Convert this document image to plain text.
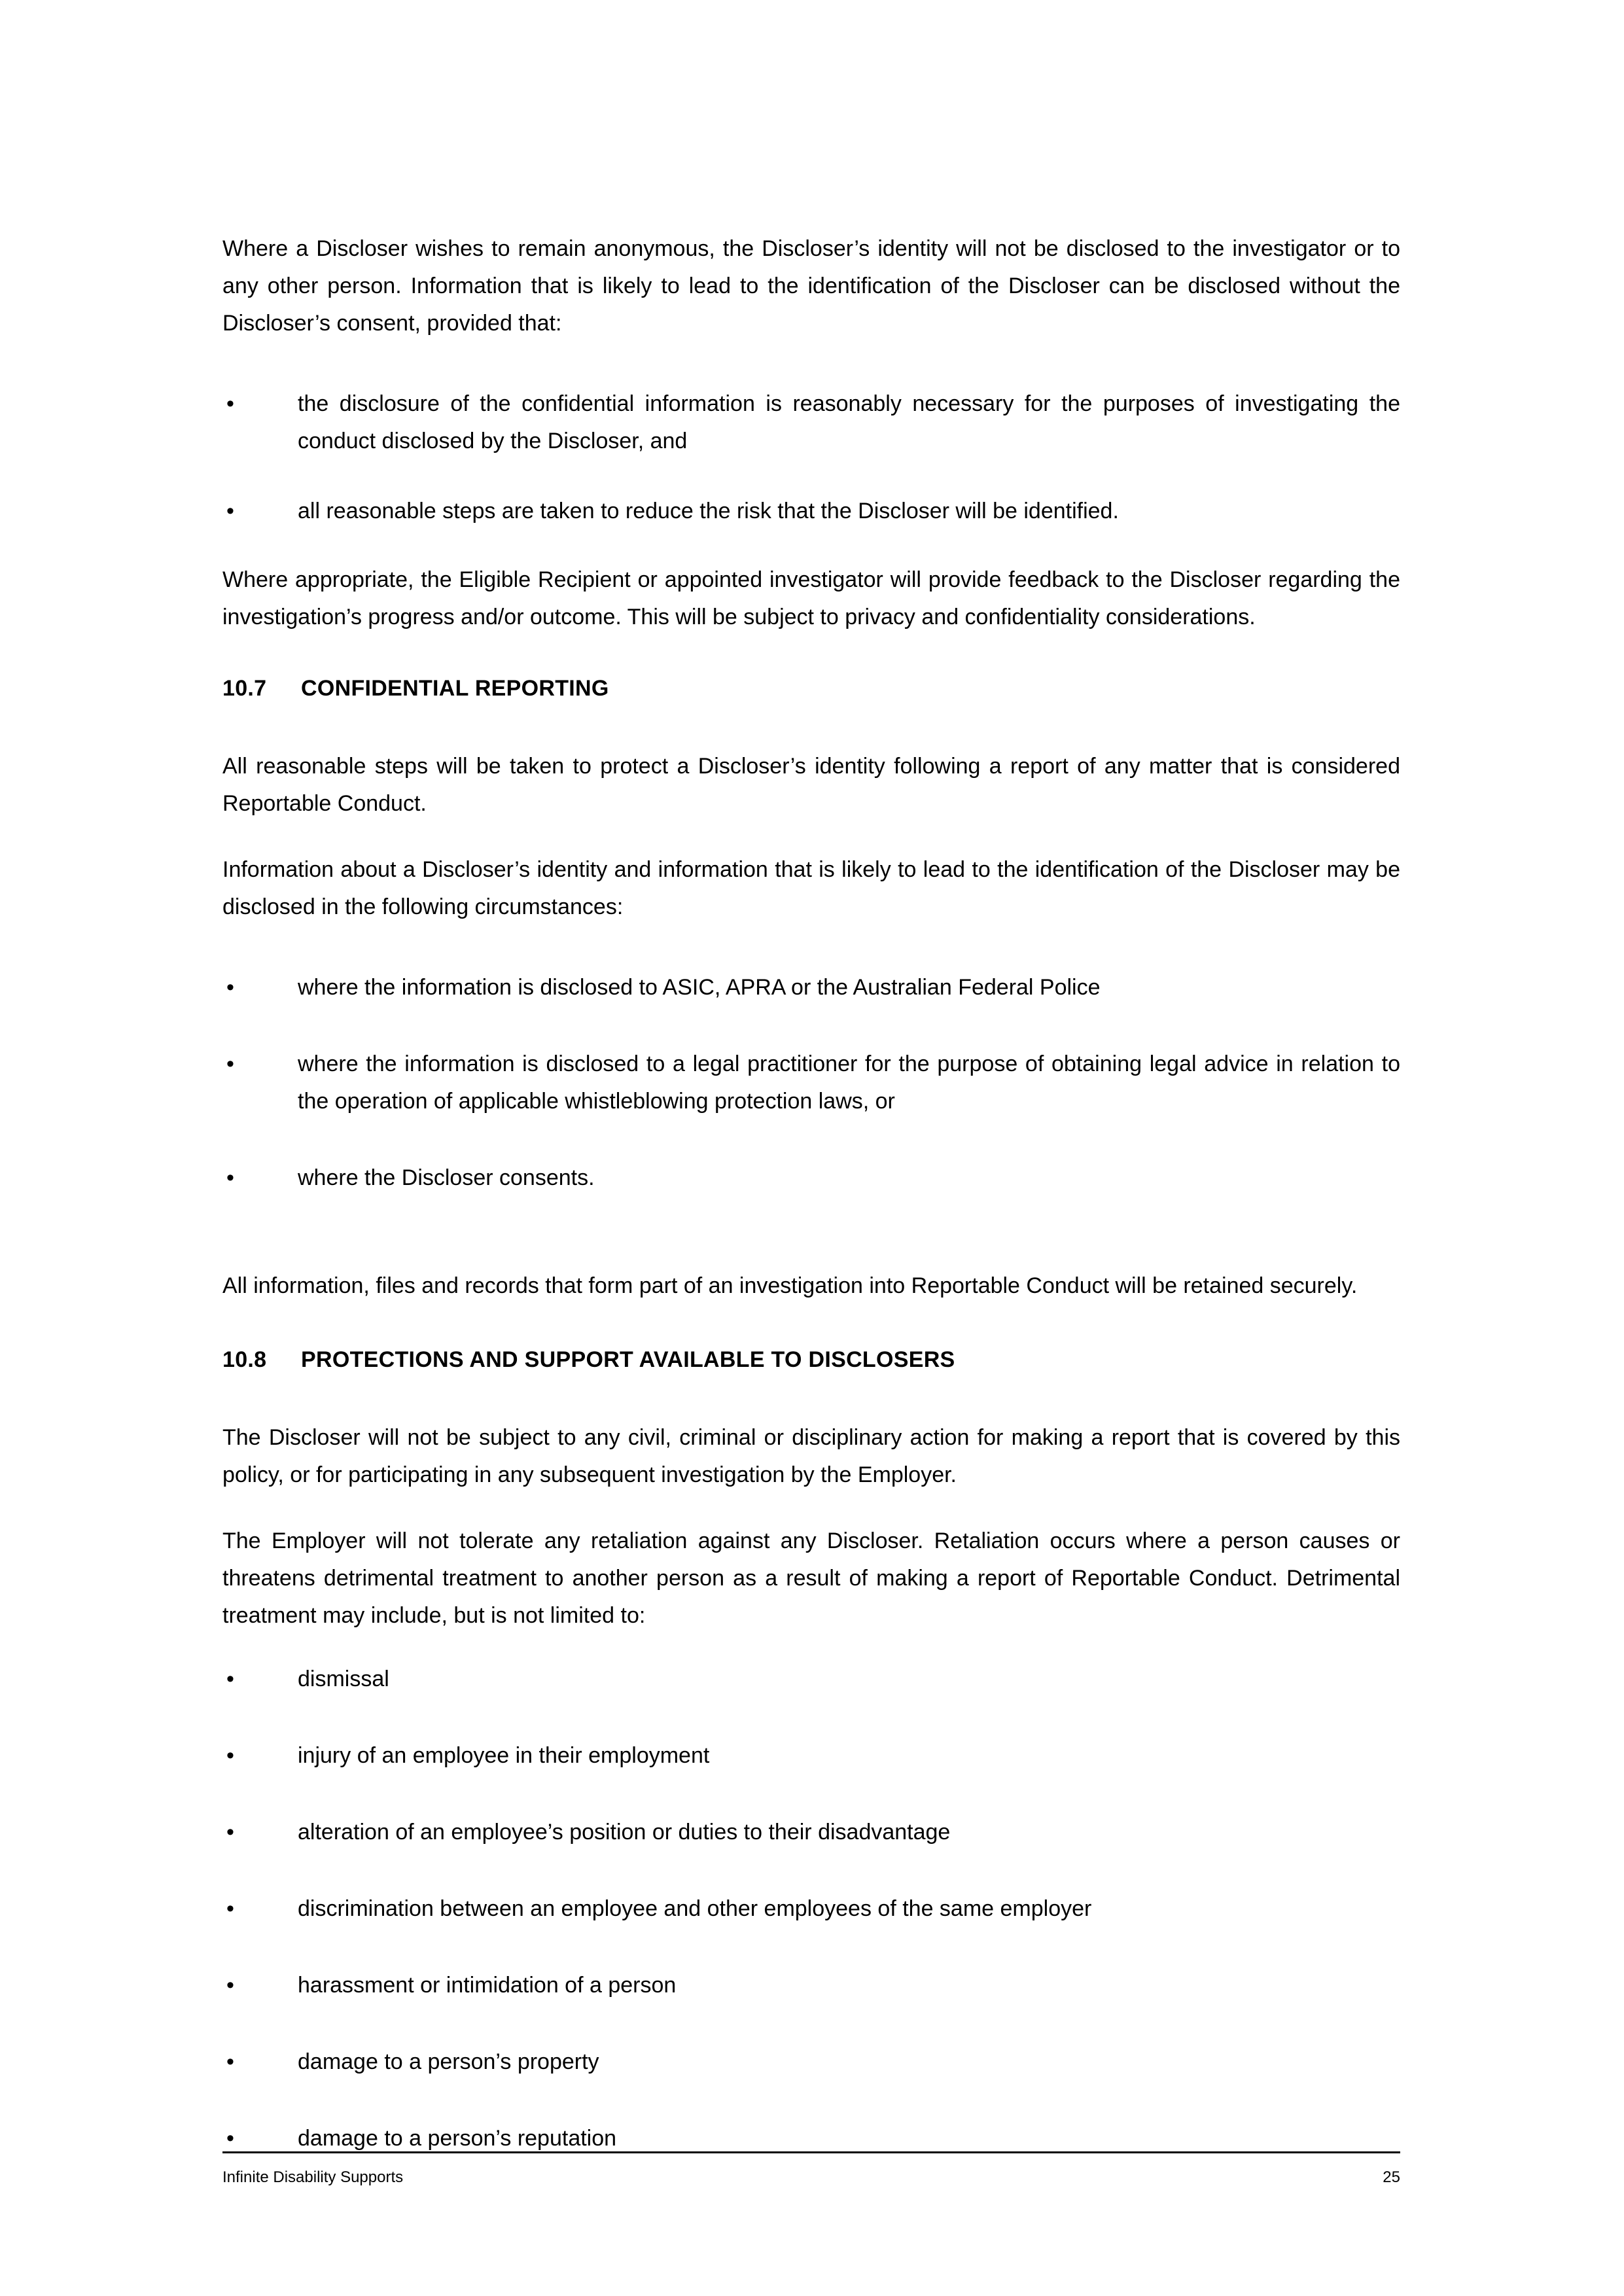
Where a Discloser wishes to remain anonymous, the Discloser’s identity will not be disclosed to the investigator or to any other person. Information that is likely to lead to the identification of the Discloser can be disclosed without the Discloser’s consent, provided that:

•	the disclosure of the confidential information is reasonably necessary for the purposes of investigating the conduct disclosed by the Discloser, and
•	all reasonable steps are taken to reduce the risk that the Discloser will be identified.

Where appropriate, the Eligible Recipient or appointed investigator will provide feedback to the Discloser regarding the investigation’s progress and/or outcome. This will be subject to privacy and confidentiality considerations.

10.7	CONFIDENTIAL REPORTING

All reasonable steps will be taken to protect a Discloser’s identity following a report of any matter that is considered Reportable Conduct.

Information about a Discloser’s identity and information that is likely to lead to the identification of the Discloser may be disclosed in the following circumstances:

•	where the information is disclosed to ASIC, APRA or the Australian Federal Police
•	where the information is disclosed to a legal practitioner for the purpose of obtaining legal advice in relation to the operation of applicable whistleblowing protection laws, or
•	where the Discloser consents.

All information, files and records that form part of an investigation into Reportable Conduct will be retained securely.

10.8	PROTECTIONS AND SUPPORT AVAILABLE TO DISCLOSERS

The Discloser will not be subject to any civil, criminal or disciplinary action for making a report that is covered by this policy, or for participating in any subsequent investigation by the Employer.

The Employer will not tolerate any retaliation against any Discloser. Retaliation occurs where a person causes or threatens detrimental treatment to another person as a result of making a report of Reportable Conduct. Detrimental treatment may include, but is not limited to:

•	dismissal
•	injury of an employee in their employment
•	alteration of an employee’s position or duties to their disadvantage
•	discrimination between an employee and other employees of the same employer
•	harassment or intimidation of a person
•	damage to a person’s property
•	damage to a person’s reputation
Infinite Disability Supports	25
